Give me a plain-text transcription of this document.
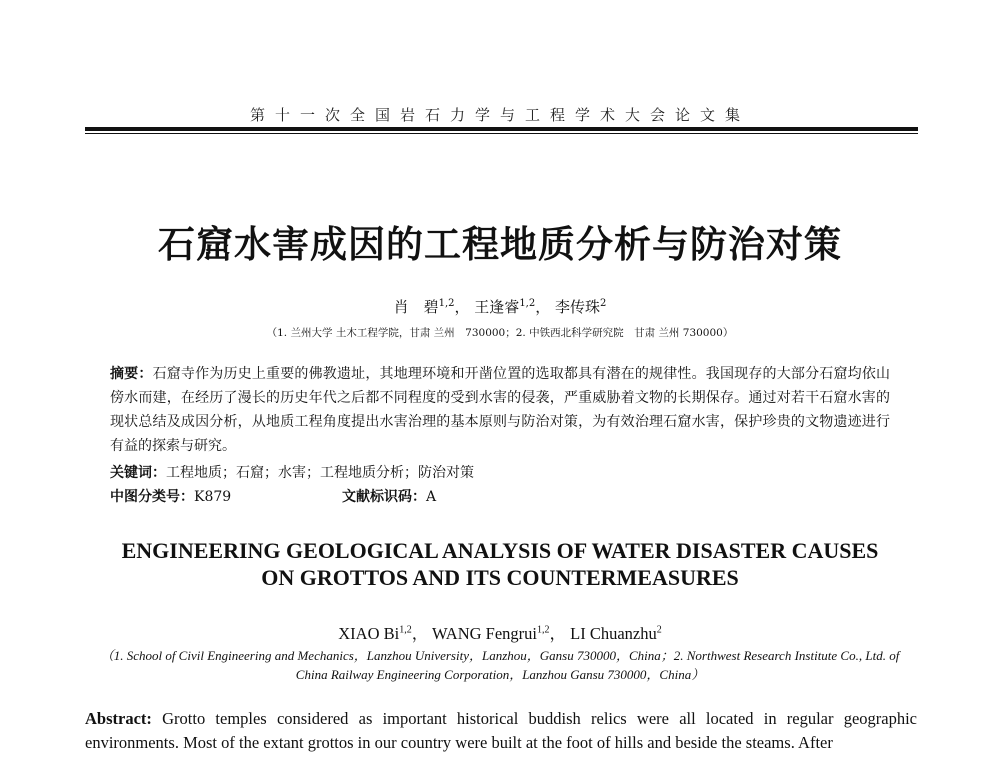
第十一次全国岩石力学与工程学术大会论文集
石窟水害成因的工程地质分析与防治对策
肖　碧$^{1,2}$， 王逢睿$^{1,2}$， 李传珠$^2$
（1. 兰州大学 土木工程学院，甘肃 兰州　730000；2. 中铁西北科学研究院　甘肃 兰州 730000）
摘要：石窟寺作为历史上重要的佛教遗址，其地理环境和开凿位置的选取都具有潜在的规律性。我国现存的大部分石窟均依山傍水而建，在经历了漫长的历史年代之后都不同程度的受到水害的侵袭，严重威胁着文物的长期保存。通过对若干石窟水害的现状总结及成因分析，从地质工程角度提出水害治理的基本原则与防治对策，为有效治理石窟水害，保护珍贵的文物遗迹进行有益的探索与研究。
关键词：工程地质；石窟；水害；工程地质分析；防治对策
中图分类号：K879	文献标识码：A
ENGINEERING GEOLOGICAL ANALYSIS OF WATER DISASTER CAUSES
ON GROTTOS AND ITS COUNTERMEASURES
XIAO Bi$^{1,2}$， WANG Fengrui$^{1,2}$， LI Chuanzhu$^2$
（1. School of Civil Engineering and Mechanics，Lanzhou University，Lanzhou，Gansu 730000，China；2. Northwest Research Institute Co., Ltd. of China Railway Engineering Corporation，Lanzhou Gansu 730000，China）
Abstract: Grotto temples considered as important historical buddish relics were all located in regular geographic environments. Most of the extant grottos in our country were built at the foot of hills and beside the steams. After
